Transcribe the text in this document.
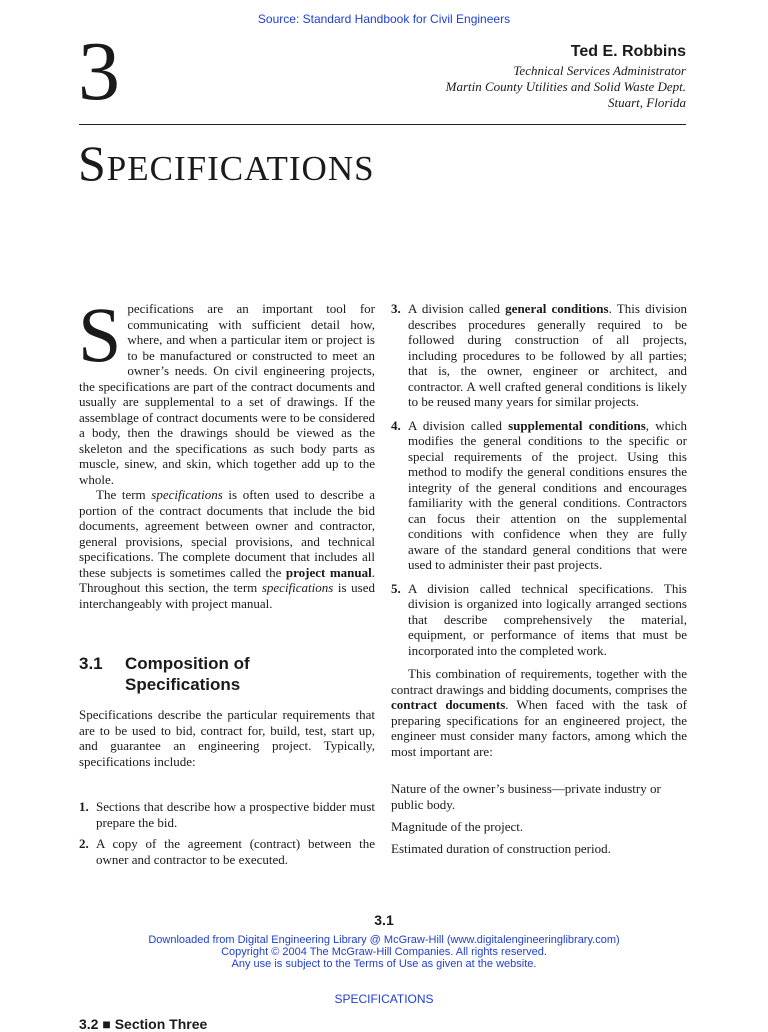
Source: Standard Handbook for Civil Engineers
3	Ted E. Robbins
Technical Services Administrator
Martin County Utilities and Solid Waste Dept.
Stuart, Florida
Specifications

Specifications are an important tool for communicating with sufficient detail how, where, and when a particular item or project is to be manufactured or constructed to meet an owner’s needs. On civil engineering projects, the specifications are part of the contract documents and usually are supplemental to a set of drawings. If the assemblage of contract documents were to be considered a body, then the drawings should be viewed as the skeleton and the specifications as such body parts as muscle, sinew, and skin, which together add up to the whole.

The term specifications is often used to describe a portion of the contract documents that include the bid documents, agreement between owner and contractor, general provisions, special provisions, and technical specifications. The complete document that includes all these subjects is sometimes called the project manual. Throughout this section, the term specifications is used interchangeably with project manual.

3.1	Composition of
Specifications

Specifications describe the particular requirements that are to be used to bid, contract for, build, test, start up, and guarantee an engineering project. Typically, specifications include:

1. Sections that describe how a prospective bidder must prepare the bid.
2. A copy of the agreement (contract) between the owner and contractor to be executed.
3. A division called general conditions. This division describes procedures generally required to be followed during construction of all projects, including procedures to be followed by all parties; that is, the owner, engineer or architect, and contractor. A well crafted general conditions is likely to be reused many years for similar projects.
4. A division called supplemental conditions, which modifies the general conditions to the specific or special requirements of the project. Using this method to modify the general conditions ensures the integrity of the general conditions and encourages familiarity with the general conditions. Contractors can focus their attention on the supplemental conditions with confidence when they are fully aware of the standard general conditions that were used to administer their past projects.
5. A division called technical specifications. This division is organized into logically arranged sections that describe comprehensively the material, equipment, or performance of items that must be incorporated into the completed work.

This combination of requirements, together with the contract drawings and bidding documents, comprises the contract documents. When faced with the task of preparing specifications for an engineered project, the engineer must consider many factors, among which the most important are:

Nature of the owner’s business—private industry or public body.

Magnitude of the project.

Estimated duration of construction period.

3.1
Downloaded from Digital Engineering Library @ McGraw-Hill (www.digitalengineeringlibrary.com)
Copyright © 2004 The McGraw-Hill Companies. All rights reserved.
Any use is subject to the Terms of Use as given at the website.
SPECIFICATIONS
3.2 ■ Section Three
